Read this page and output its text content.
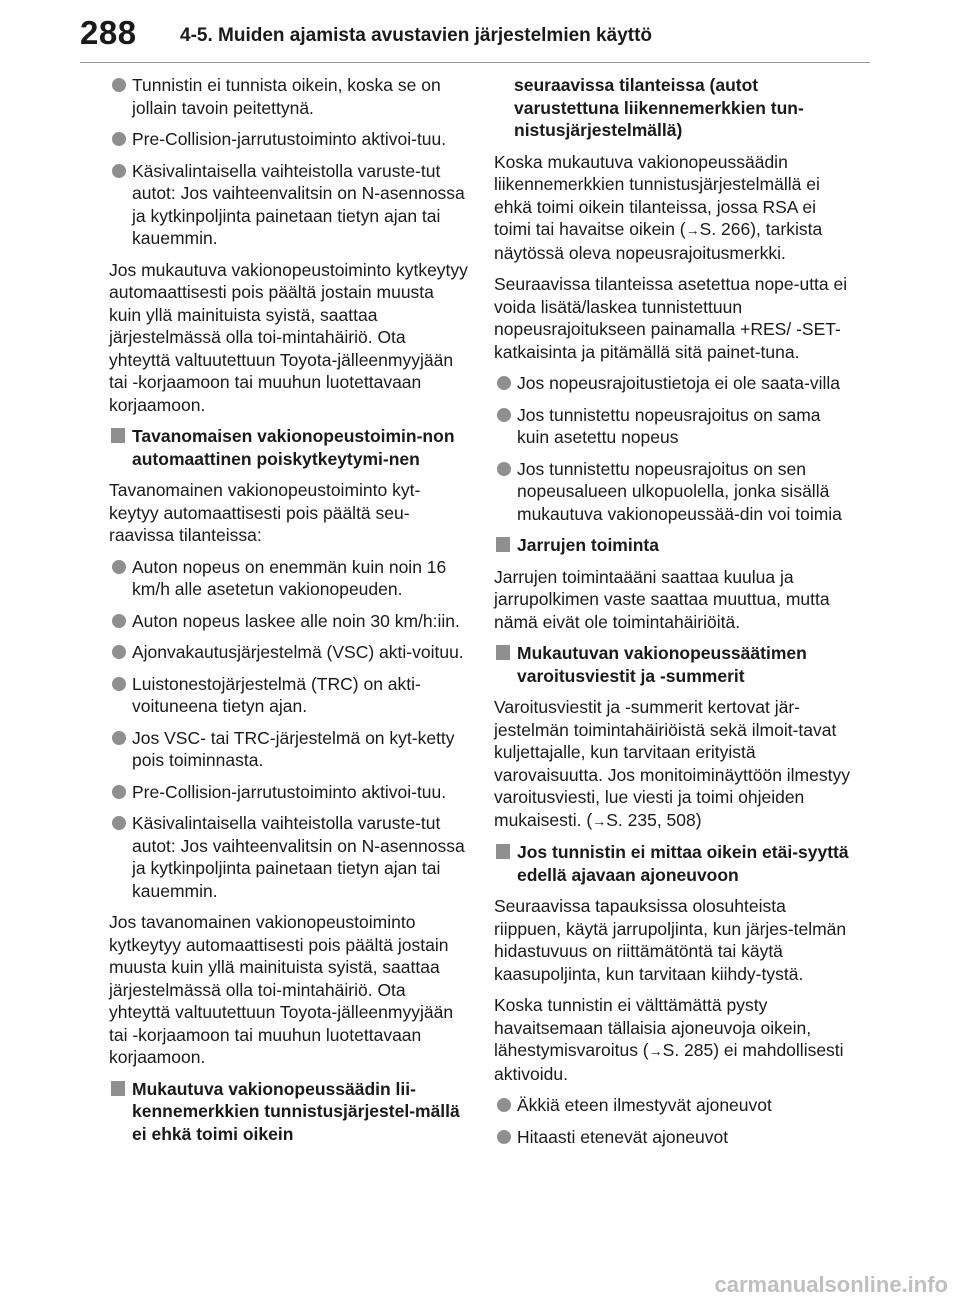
288 4-5. Muiden ajamista avustavien järjestelmien käyttö
Tunnistin ei tunnista oikein, koska se on jollain tavoin peitettynä.
Pre-Collision-jarrutustoiminto aktivoi-tuu.
Käsivalintaisella vaihteistolla varuste-tut autot: Jos vaihteenvalitsin on N-asennossa ja kytkinpoljinta painetaan tietyn ajan tai kauemmin.

Jos mukautuva vakionopeustoiminto kytkeytyy automaattisesti pois päältä jostain muusta kuin yllä mainituista syistä, saattaa järjestelmässä olla toi-mintahäiriö. Ota yhteyttä valtuutettuun Toyota-jälleenmyyjään tai -korjaamoon tai muuhun luotettavaan korjaamoon.

Tavanomaisen vakionopeustoimin-non automaattinen poiskytkeytymi-nen

Tavanomainen vakionopeustoiminto kyt-keytyy automaattisesti pois päältä seu-raavissa tilanteissa:

Auton nopeus on enemmän kuin noin 16 km/h alle asetetun vakionopeuden.
Auton nopeus laskee alle noin 30 km/h:iin.
Ajonvakautusjärjestelmä (VSC) akti-voituu.
Luistonestojärjestelmä (TRC) on akti-voituneena tietyn ajan.
Jos VSC- tai TRC-järjestelmä on kyt-ketty pois toiminnasta.
Pre-Collision-jarrutustoiminto aktivoi-tuu.
Käsivalintaisella vaihteistolla varuste-tut autot: Jos vaihteenvalitsin on N-asennossa ja kytkinpoljinta painetaan tietyn ajan tai kauemmin.

Jos tavanomainen vakionopeustoiminto kytkeytyy automaattisesti pois päältä jostain muusta kuin yllä mainituista syistä, saattaa järjestelmässä olla toi-mintahäiriö. Ota yhteyttä valtuutettuun Toyota-jälleenmyyjään tai -korjaamoon tai muuhun luotettavaan korjaamoon.

Mukautuva vakionopeussäädin lii-kennemerkkien tunnistusjärjestel-mällä ei ehkä toimi oikein
seuraavissa tilanteissa (autot varustettuna liikennemerkkien tun-nistusjärjestelmällä)

Koska mukautuva vakionopeussäädin liikennemerkkien tunnistusjärjestelmällä ei ehkä toimi oikein tilanteissa, jossa RSA ei toimi tai havaitse oikein (→S. 266), tarkista näytössä oleva nopeusrajoitusmerkki.

Seuraavissa tilanteissa asetettua nope-utta ei voida lisätä/laskea tunnistettuun nopeusrajoitukseen painamalla +RES/ -SET-katkaisinta ja pitämällä sitä painet-tuna.

Jos nopeusrajoitustietoja ei ole saata-villa
Jos tunnistettu nopeusrajoitus on sama kuin asetettu nopeus
Jos tunnistettu nopeusrajoitus on sen nopeusalueen ulkopuolella, jonka sisällä mukautuva vakionopeussää-din voi toimia
Jarrujen toiminta

Jarrujen toimintaääni saattaa kuulua ja jarrupolkimen vaste saattaa muuttua, mutta nämä eivät ole toimintahäiriöitä.

Mukautuvan vakionopeussäätimen varoitusviestit ja -summerit

Varoitusviestit ja -summerit kertovat jär-jestelmän toimintahäiriöistä sekä ilmoit-tavat kuljettajalle, kun tarvitaan erityistä varovaisuutta. Jos monitoiminäyttöön ilmestyy varoitusviesti, lue viesti ja toimi ohjeiden mukaisesti. (→S. 235, 508)

Jos tunnistin ei mittaa oikein etäi-syyttä edellä ajavaan ajoneuvoon

Seuraavissa tapauksissa olosuhteista riippuen, käytä jarrupoljinta, kun järjes-telmän hidastuvuus on riittämätöntä tai käytä kaasupoljinta, kun tarvitaan kiihdy-tystä.

Koska tunnistin ei välttämättä pysty havaitsemaan tällaisia ajoneuvoja oikein, lähestymisvaroitus (→S. 285) ei mahdollisesti aktivoidu.

Äkkiä eteen ilmestyvät ajoneuvot
Hitaasti etenevät ajoneuvot
carmanualsonline.info
